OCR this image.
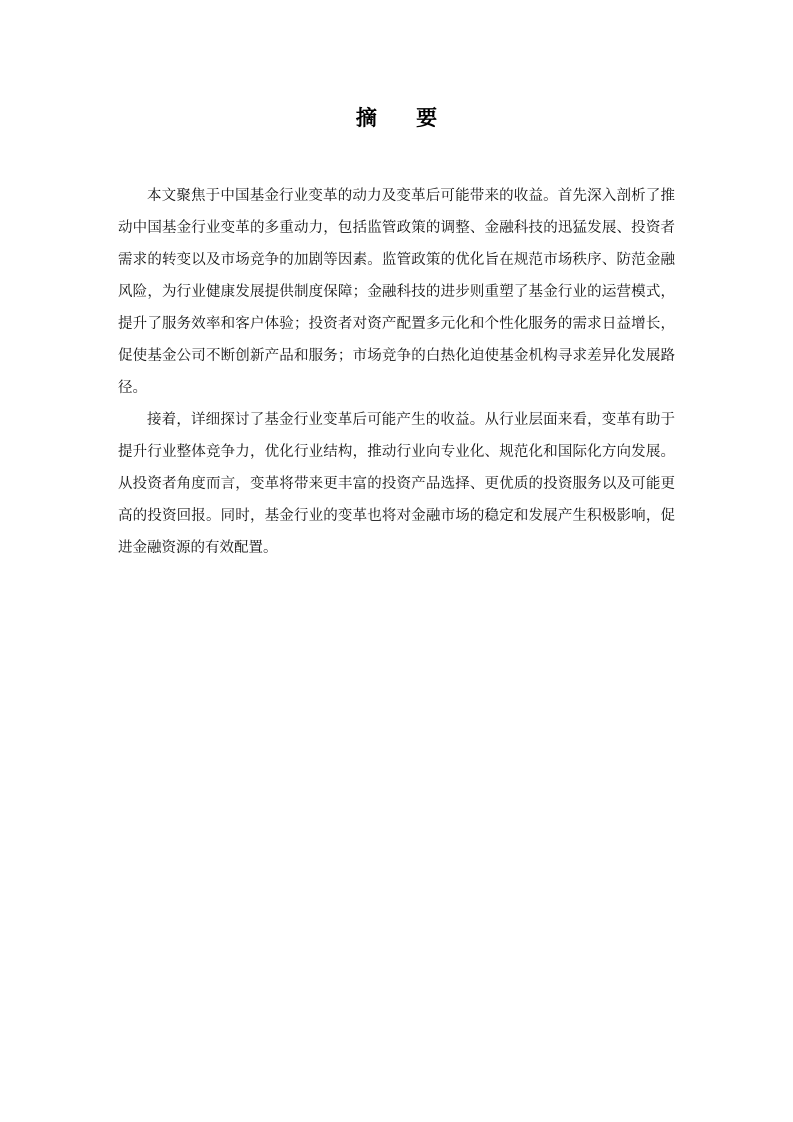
摘 要

本文聚焦于中国基金行业变革的动力及变革后可能带来的收益。首先深入剖析了推动中国基金行业变革的多重动力，包括监管政策的调整、金融科技的迅猛发展、投资者需求的转变以及市场竞争的加剧等因素。监管政策的优化旨在规范市场秩序、防范金融风险，为行业健康发展提供制度保障；金融科技的进步则重塑了基金行业的运营模式，提升了服务效率和客户体验；投资者对资产配置多元化和个性化服务的需求日益增长，促使基金公司不断创新产品和服务；市场竞争的白热化迫使基金机构寻求差异化发展路径。

接着，详细探讨了基金行业变革后可能产生的收益。从行业层面来看，变革有助于提升行业整体竞争力，优化行业结构，推动行业向专业化、规范化和国际化方向发展。从投资者角度而言，变革将带来更丰富的投资产品选择、更优质的投资服务以及可能更高的投资回报。同时，基金行业的变革也将对金融市场的稳定和发展产生积极影响，促进金融资源的有效配置。
